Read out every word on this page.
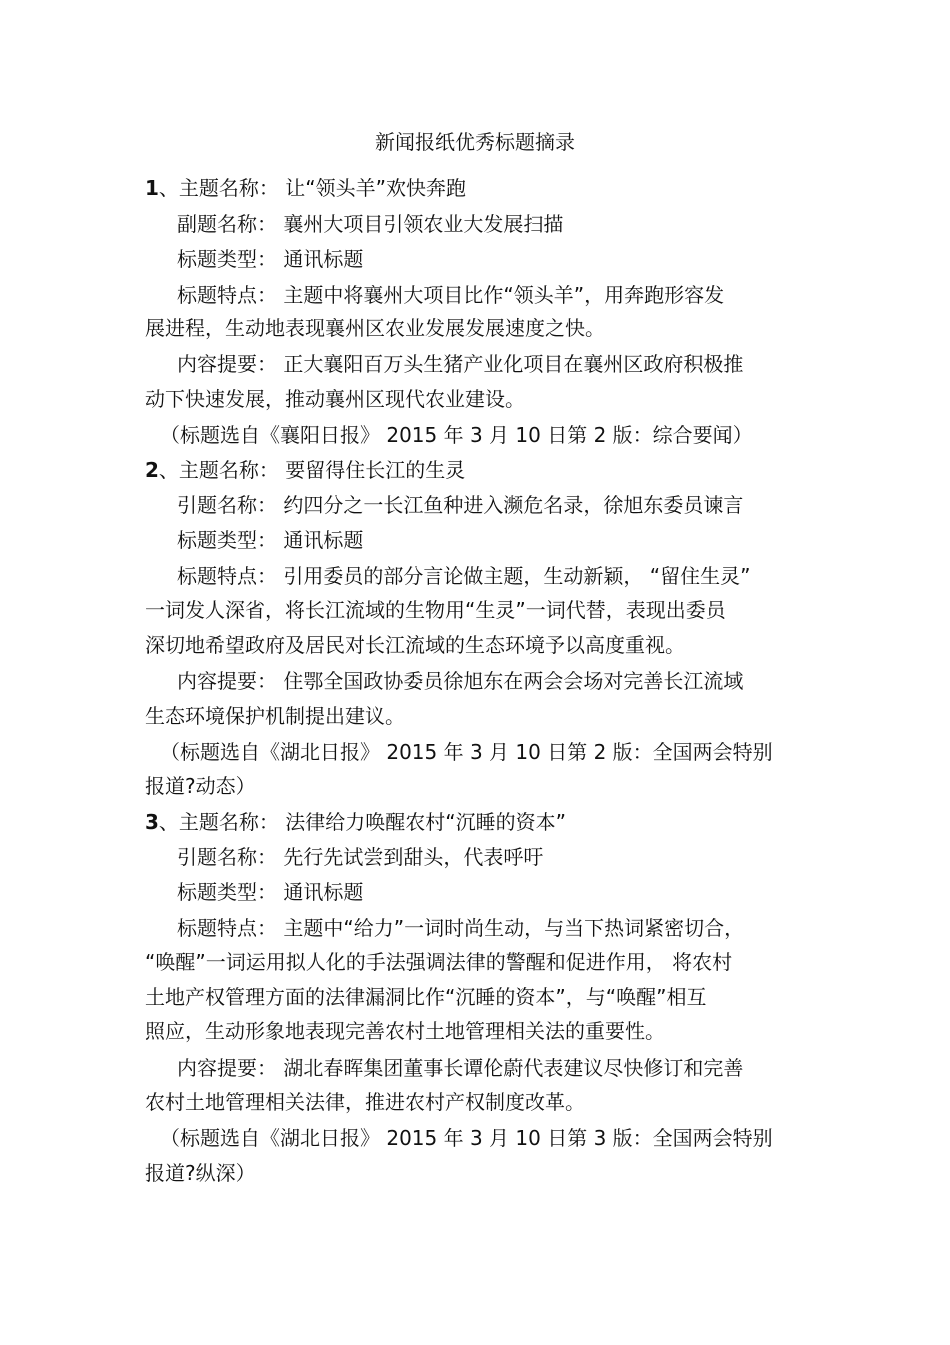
新闻报纸优秀标题摘录
1、主题名称： 让“领头羊”欢快奔跑
副题名称： 襄州大项目引领农业大发展扫描
标题类型： 通讯标题
标题特点： 主题中将襄州大项目比作“领头羊”，用奔跑形容发
展进程，生动地表现襄州区农业发展发展速度之快。
内容提要： 正大襄阳百万头生猪产业化项目在襄州区政府积极推
动下快速发展，推动襄州区现代农业建设。
（标题选自《襄阳日报》 2015 年 3 月 10 日第 2 版：综合要闻）
2、主题名称： 要留得住长江的生灵
引题名称： 约四分之一长江鱼种进入濒危名录，徐旭东委员谏言
标题类型： 通讯标题
标题特点： 引用委员的部分言论做主题，生动新颖， “留住生灵”
一词发人深省，将长江流域的生物用“生灵”一词代替，表现出委员
深切地希望政府及居民对长江流域的生态环境予以高度重视。
内容提要： 住鄂全国政协委员徐旭东在两会会场对完善长江流域
生态环境保护机制提出建议。
（标题选自《湖北日报》 2015 年 3 月 10 日第 2 版：全国两会特别
报道?动态）
3、主题名称： 法律给力唤醒农村“沉睡的资本”
引题名称： 先行先试尝到甜头，代表呼吁
标题类型： 通讯标题
标题特点： 主题中“给力”一词时尚生动，与当下热词紧密切合，
“唤醒”一词运用拟人化的手法强调法律的警醒和促进作用， 将农村
土地产权管理方面的法律漏洞比作“沉睡的资本”，与“唤醒”相互
照应，生动形象地表现完善农村土地管理相关法的重要性。
内容提要： 湖北春晖集团董事长谭伦蔚代表建议尽快修订和完善
农村土地管理相关法律，推进农村产权制度改革。
（标题选自《湖北日报》 2015 年 3 月 10 日第 3 版：全国两会特别
报道?纵深）
